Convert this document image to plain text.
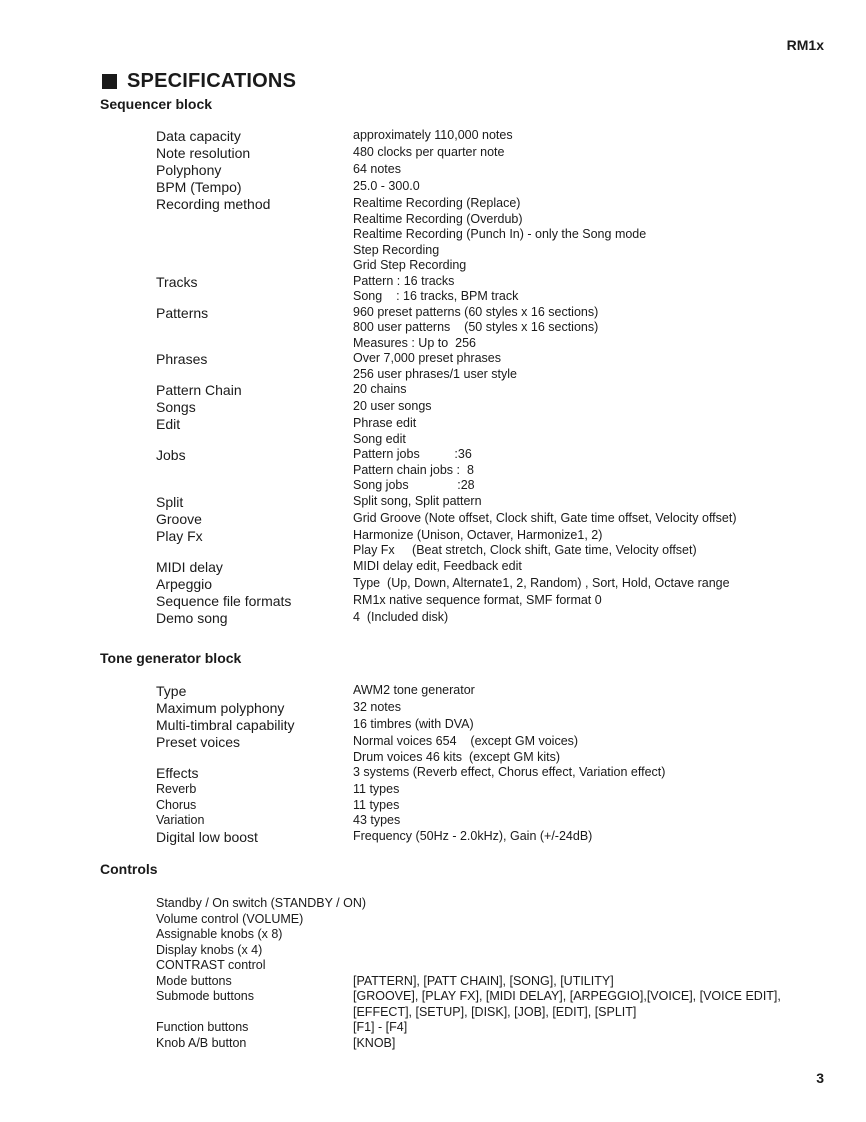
RM1x
SPECIFICATIONS
Sequencer block
Data capacity	approximately 110,000 notes
Note resolution	480 clocks per quarter note
Polyphony	64 notes
BPM (Tempo)	25.0 - 300.0
Recording method	Realtime Recording (Replace)
Realtime Recording (Overdub)
Realtime Recording (Punch In) - only the Song mode
Step Recording
Grid Step Recording
Tracks	Pattern : 16 tracks
Song    : 16 tracks, BPM track
Patterns	960 preset patterns (60 styles x 16 sections)
800 user patterns    (50 styles x 16 sections)
Measures : Up to  256
Phrases	Over 7,000 preset phrases
256 user phrases/1 user style
Pattern Chain	20 chains
Songs	20 user songs
Edit	Phrase edit
Song edit
Jobs	Pattern jobs          :36
Pattern chain jobs :  8
Song jobs              :28
Split	Split song, Split pattern
Groove	Grid Groove (Note offset, Clock shift, Gate time offset, Velocity offset)
Play Fx	Harmonize (Unison, Octaver, Harmonize1, 2)
Play Fx     (Beat stretch, Clock shift, Gate time, Velocity offset)
MIDI delay	MIDI delay edit, Feedback edit
Arpeggio	Type  (Up, Down, Alternate1, 2, Random) , Sort, Hold, Octave range
Sequence file formats	RM1x native sequence format, SMF format 0
Demo song	4  (Included disk)
Tone generator block
Type	AWM2 tone generator
Maximum polyphony	32 notes
Multi-timbral capability	16 timbres (with DVA)
Preset voices	Normal voices 654    (except GM voices)
Drum voices 46 kits  (except GM kits)
Effects	3 systems (Reverb effect, Chorus effect, Variation effect)
Reverb	11 types
Chorus	11 types
Variation	43 types
Digital low boost	Frequency (50Hz - 2.0kHz), Gain (+/-24dB)
Controls
Standby / On switch (STANDBY / ON)
Volume control (VOLUME)
Assignable knobs (x 8)
Display knobs (x 4)
CONTRAST control
Mode buttons	[PATTERN], [PATT CHAIN], [SONG], [UTILITY]
Submode buttons	[GROOVE], [PLAY FX], [MIDI DELAY], [ARPEGGIO],[VOICE], [VOICE EDIT],
[EFFECT], [SETUP], [DISK], [JOB], [EDIT], [SPLIT]
Function buttons	[F1] - [F4]
Knob A/B button	[KNOB]
3
